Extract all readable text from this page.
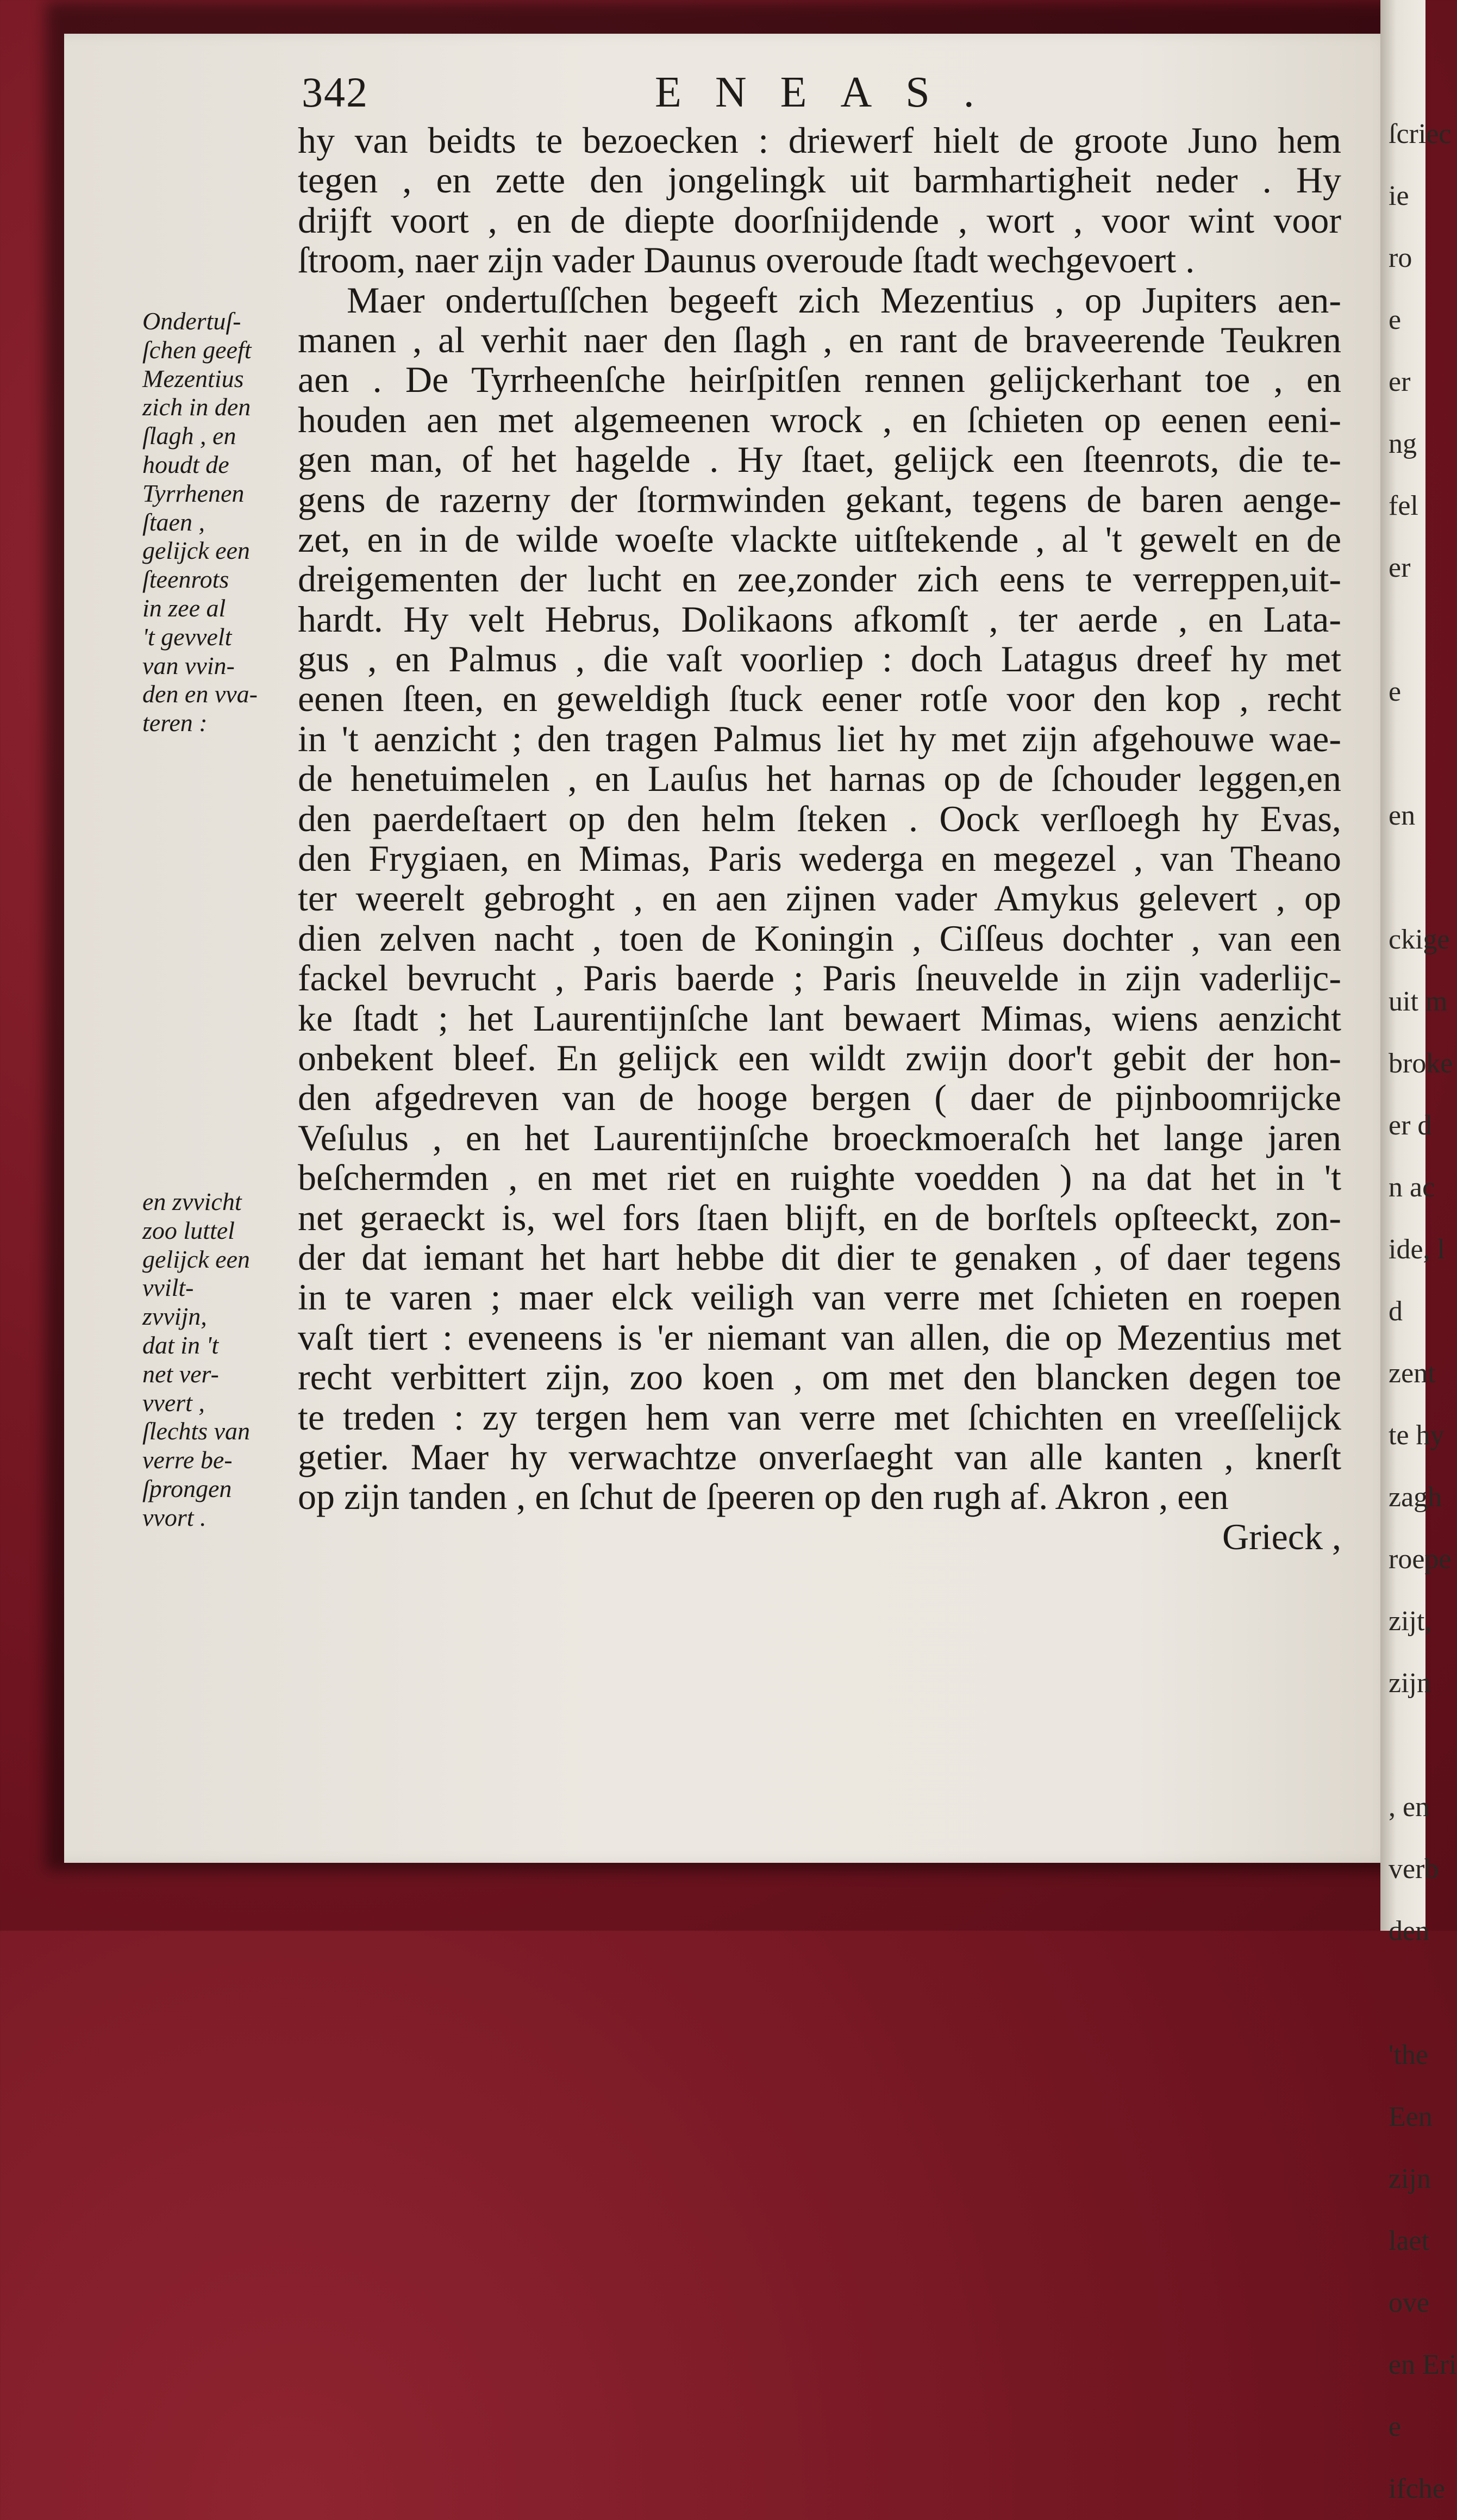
ſcriec
ie
ro
e
er
ng
fel
er
e
en
ckige
uit m
broke
er d
n ac
ide, l
d
zent
te hy
zagh
roepe
zijt,
zijn
, en
verb
den
'the
Een
zijn
laet
ove
en Eri
e
ifche
342	ENEAS.
Ondertuſ-
ſchen geeft
Mezentius
zich in den
ſlagh , en
houdt de
Tyrrhenen
ſtaen ,
gelijck een
ſteenrots
in zee al
't gevvelt
van vvin-
den en vva-
teren :
en zvvicht
zoo luttel
gelijck een
vvilt-
zvvijn,
dat in 't
net ver-
vvert ,
ſlechts van
verre be-
ſprongen
vvort .
hy van beidts te bezoecken : driewerf hielt de groote Juno hem
tegen , en zette den jongelingk uit barmhartigheit neder . Hy
drijft voort , en de diepte doorſnijdende , wort , voor wint voor
ſtroom, naer zijn vader Daunus overoude ſtadt wechgevoert .
Maer ondertuſſchen begeeft zich Mezentius , op Jupiters aen-
manen , al verhit naer den ſlagh , en rant de braveerende Teukren
aen . De Tyrrheenſche heirſpitſen rennen gelijckerhant toe , en
houden aen met algemeenen wrock , en ſchieten op eenen eeni-
gen man, of het hagelde . Hy ſtaet, gelijck een ſteenrots, die te-
gens de razerny der ſtormwinden gekant, tegens de baren aenge-
zet, en in de wilde woeſte vlackte uitſtekende , al 't gewelt en de
dreigementen der lucht en zee,zonder zich eens te verreppen,uit-
hardt. Hy velt Hebrus, Dolikaons afkomſt , ter aerde , en Lata-
gus , en Palmus , die vaſt voorliep : doch Latagus dreef hy met
eenen ſteen, en geweldigh ſtuck eener rotſe voor den kop , recht
in 't aenzicht ; den tragen Palmus liet hy met zijn afgehouwe wae-
de henetuimelen , en Lauſus het harnas op de ſchouder leggen,en
den paerdeſtaert op den helm ſteken . Oock verſloegh hy Evas,
den Frygiaen, en Mimas, Paris wederga en megezel , van Theano
ter weerelt gebroght , en aen zijnen vader Amykus gelevert , op
dien zelven nacht , toen de Koningin , Ciſſeus dochter , van een
fackel bevrucht , Paris baerde ; Paris ſneuvelde in zijn vaderlijc-
ke ſtadt ; het Laurentijnſche lant bewaert Mimas, wiens aenzicht
onbekent bleef. En gelijck een wildt zwijn door't gebit der hon-
den afgedreven van de hooge bergen ( daer de pijnboomrijcke
Veſulus , en het Laurentijnſche broeckmoeraſch het lange jaren
beſchermden , en met riet en ruighte voedden ) na dat het in 't
net geraeckt is, wel fors ſtaen blijft, en de borſtels opſteeckt, zon-
der dat iemant het hart hebbe dit dier te genaken , of daer tegens
in te varen ; maer elck veiligh van verre met ſchieten en roepen
vaſt tiert : eveneens is 'er niemant van allen, die op Mezentius met
recht verbittert zijn, zoo koen , om met den blancken degen toe
te treden : zy tergen hem van verre met ſchichten en vreeſſelijck
getier. Maer hy verwachtze onverſaeght van alle kanten , knerſt
op zijn tanden , en ſchut de ſpeeren op den rugh af. Akron , een
Grieck ,
